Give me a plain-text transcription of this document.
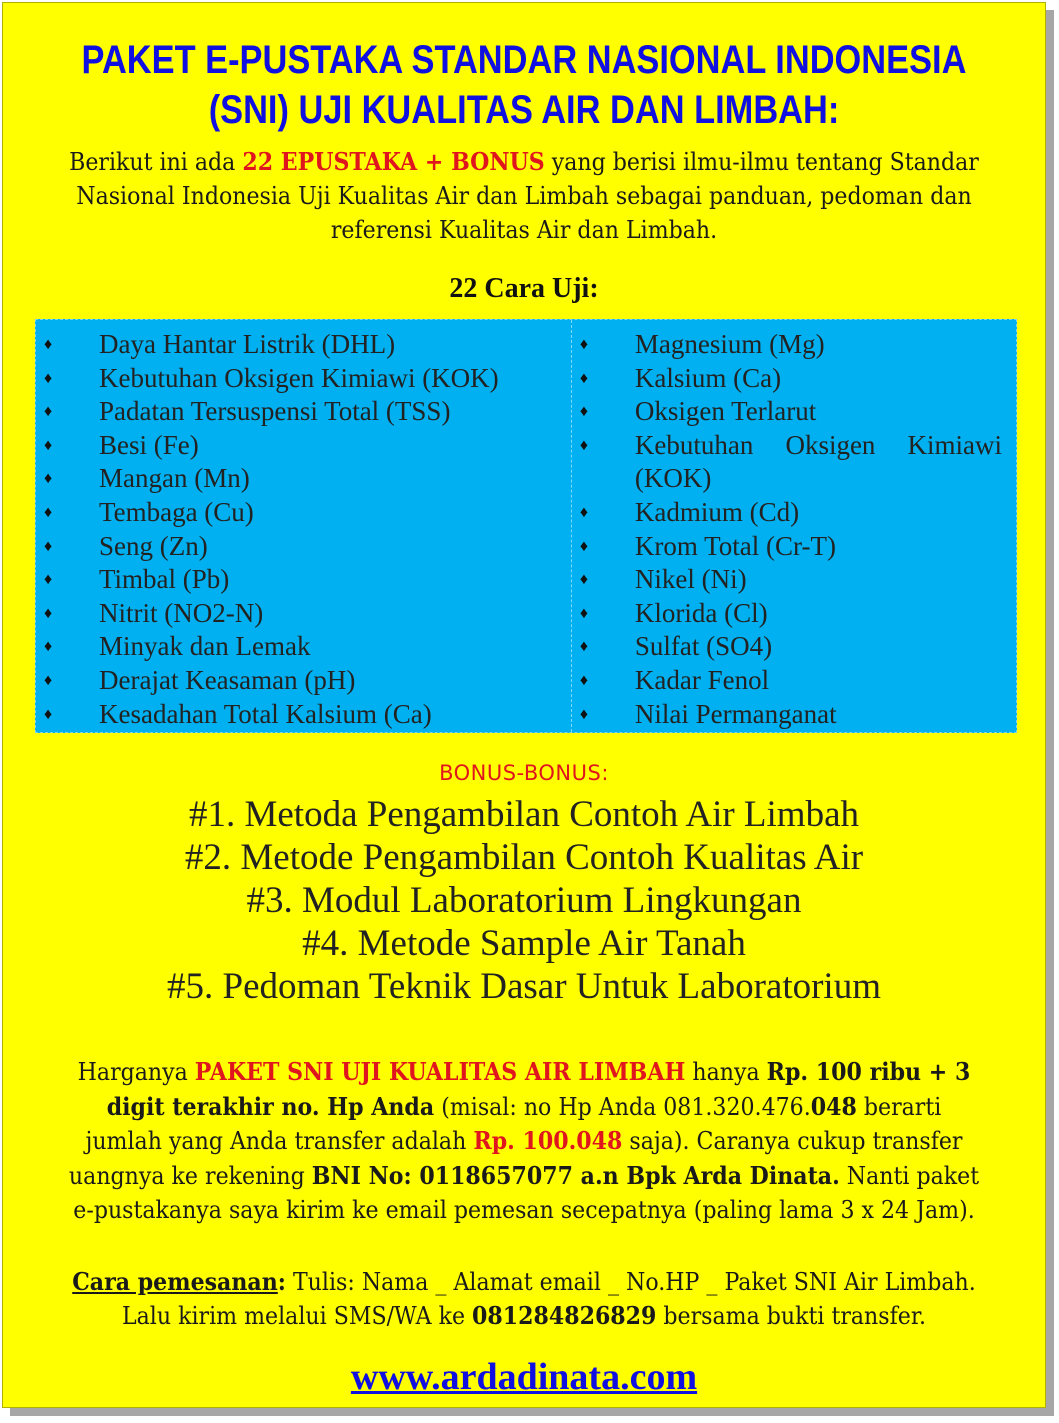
PAKET E-PUSTAKA STANDAR NASIONAL INDONESIA
(SNI) UJI KUALITAS AIR DAN LIMBAH:
Berikut ini ada 22 EPUSTAKA + BONUS yang berisi ilmu-ilmu tentang Standar Nasional Indonesia Uji Kualitas Air dan Limbah sebagai panduan, pedoman dan referensi Kualitas Air dan Limbah.
22 Cara Uji:
♦ Daya Hantar Listrik (DHL)
♦ Kebutuhan Oksigen Kimiawi (KOK)
♦ Padatan Tersuspensi Total (TSS)
♦ Besi (Fe)
♦ Mangan (Mn)
♦ Tembaga (Cu)
♦ Seng (Zn)
♦ Timbal (Pb)
♦ Nitrit (NO2-N)
♦ Minyak dan Lemak
♦ Derajat Keasaman (pH)
♦ Kesadahan Total Kalsium (Ca)
♦ Magnesium (Mg)
♦ Kalsium (Ca)
♦ Oksigen Terlarut
♦ Kebutuhan Oksigen Kimiawi
(KOK)
♦ Kadmium (Cd)
♦ Krom Total (Cr-T)
♦ Nikel (Ni)
♦ Klorida (Cl)
♦ Sulfat (SO4)
♦ Kadar Fenol
♦ Nilai Permanganat
BONUS-BONUS:
#1. Metoda Pengambilan Contoh Air Limbah
#2. Metode Pengambilan Contoh Kualitas Air
#3. Modul Laboratorium Lingkungan
#4. Metode Sample Air Tanah
#5. Pedoman Teknik Dasar Untuk Laboratorium
Harganya PAKET SNI UJI KUALITAS AIR LIMBAH hanya Rp. 100 ribu + 3 digit terakhir no. Hp Anda (misal: no Hp Anda 081.320.476.048 berarti jumlah yang Anda transfer adalah Rp. 100.048 saja). Caranya cukup transfer uangnya ke rekening BNI No: 0118657077 a.n Bpk Arda Dinata. Nanti paket e-pustakanya saya kirim ke email pemesan secepatnya (paling lama 3 x 24 Jam).
Cara pemesanan: Tulis: Nama _ Alamat email _ No.HP _ Paket SNI Air Limbah. Lalu kirim melalui SMS/WA ke 081284826829 bersama bukti transfer.
www.ardadinata.com
